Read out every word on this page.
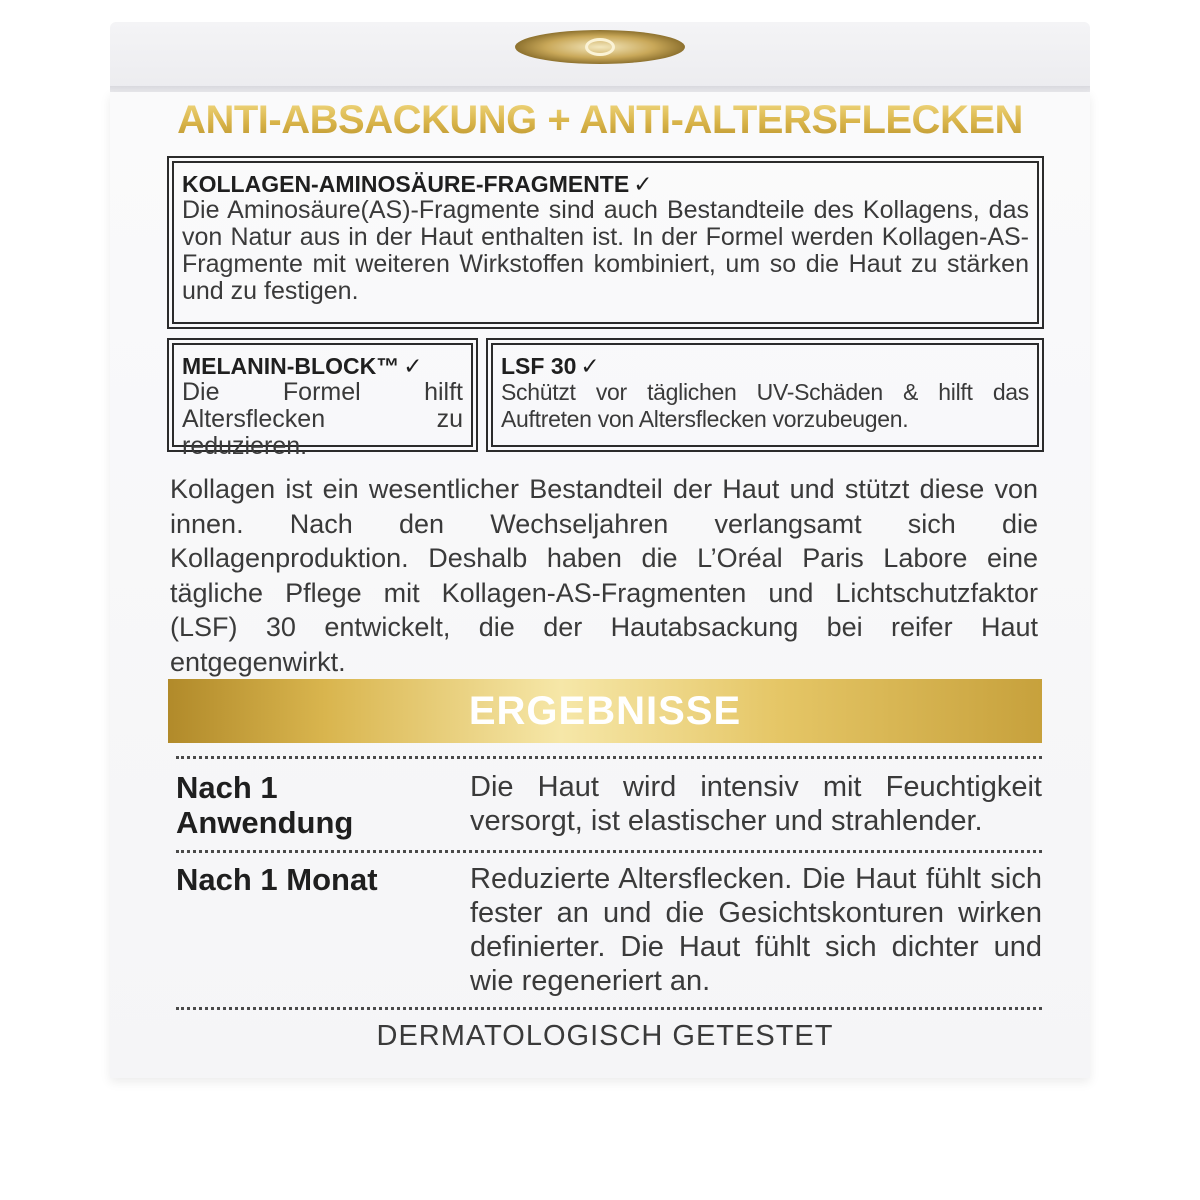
ANTI-ABSACKUNG + ANTI-ALTERSFLECKEN
KOLLAGEN-AMINOSÄURE-FRAGMENTE ✓
Die Aminosäure(AS)-Fragmente sind auch Bestandteile des Kollagens, das von Natur aus in der Haut enthalten ist. In der Formel werden Kollagen-AS-Fragmente mit weiteren Wirkstoffen kombiniert, um so die Haut zu stärken und zu festigen.
MELANIN-BLOCK™ ✓
Die Formel hilft Altersflecken zu reduzieren.
LSF 30 ✓
Schützt vor täglichen UV-Schäden & hilft das Auftreten von Altersflecken vorzubeugen.
Kollagen ist ein wesentlicher Bestandteil der Haut und stützt diese von innen. Nach den Wechseljahren verlangsamt sich die Kollagenproduktion. Deshalb haben die L’Oréal Paris Labore eine tägliche Pflege mit Kollagen-AS-Fragmenten und Lichtschutzfaktor (LSF) 30 entwickelt, die der Hautabsackung bei reifer Haut entgegenwirkt.
ERGEBNISSE
Nach 1 Anwendung
Die Haut wird intensiv mit Feuchtigkeit versorgt, ist elastischer und strahlender.
Nach 1 Monat	Reduzierte Altersflecken. Die Haut fühlt sich fester an und die Gesichtskonturen wirken definierter. Die Haut fühlt sich dichter und wie regeneriert an.
DERMATOLOGISCH GETESTET
